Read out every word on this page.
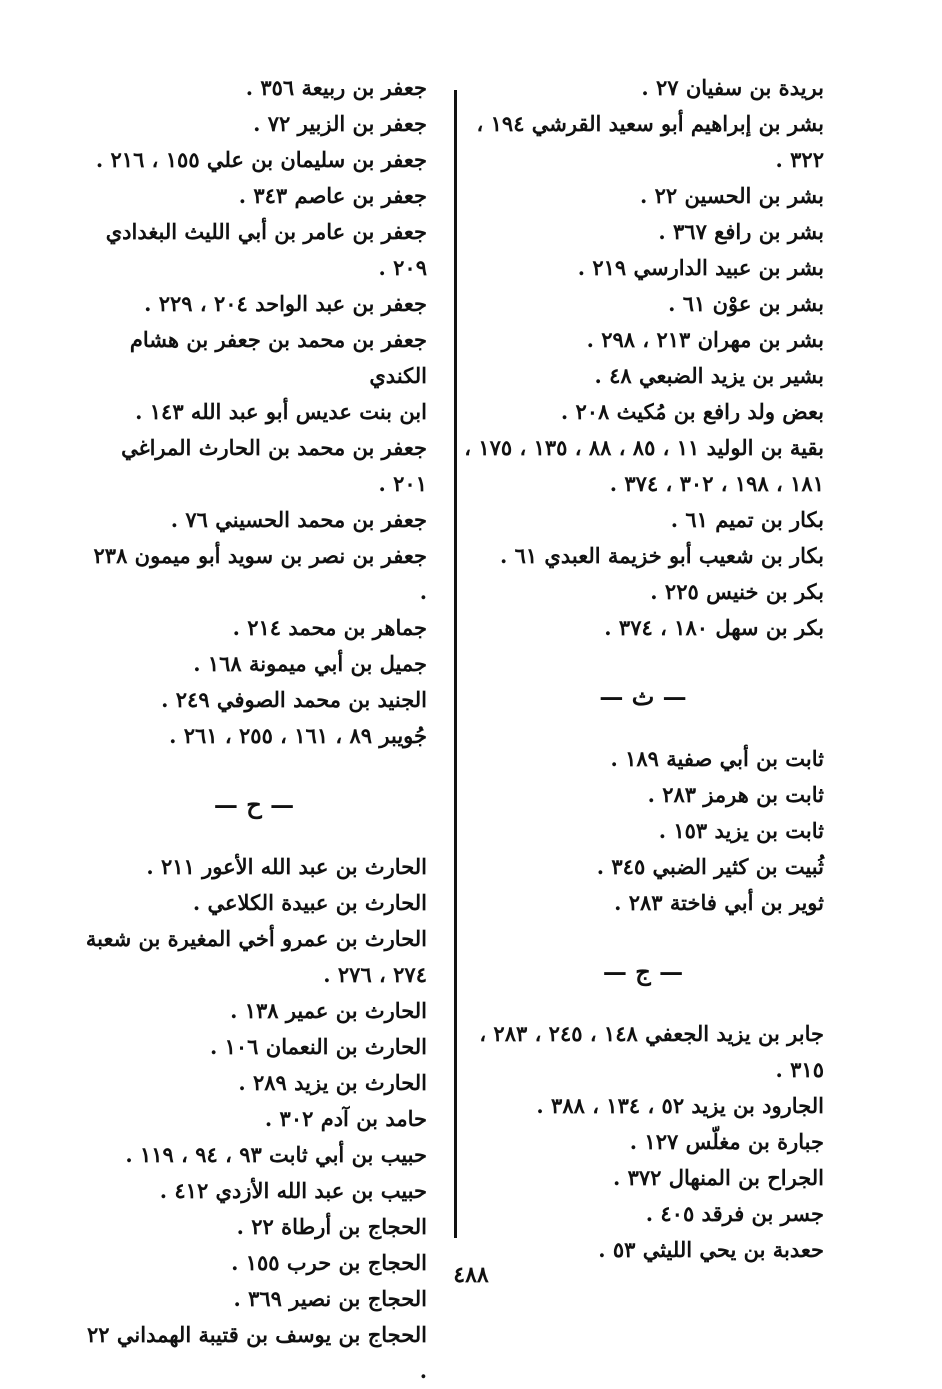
بريدة بن سفيان ٢٧ .
بشر بن إبراهيم أبو سعيد القرشي ١٩٤ ، ٣٢٢ .
بشر بن الحسين ٢٢ .
بشر بن رافع ٣٦٧ .
بشر بن عبيد الدارسي ٢١٩ .
بشر بن عوْن ٦١ .
بشر بن مهران ٢١٣ ، ٢٩٨ .
بشير بن يزيد الضبعي ٤٨ .
بعض ولد رافع بن مُكيث ٢٠٨ .
بقية بن الوليد ١١ ، ٨٥ ، ٨٨ ، ١٣٥ ، ١٧٥ ، ١٨١ ، ١٩٨ ، ٣٠٢ ، ٣٧٤ .
بكار بن تميم ٦١ .
بكار بن شعيب أبو خزيمة العبدي ٦١ .
بكر بن خنيس ٢٢٥ .
بكر بن سهل ١٨٠ ، ٣٧٤ .
— ث —
ثابت بن أبي صفية ١٨٩ .
ثابت بن هرمز ٢٨٣ .
ثابت بن يزيد ١٥٣ .
ثُبيت بن كثير الضبي ٣٤٥ .
ثوير بن أبي فاختة ٢٨٣ .
— ج —
جابر بن يزيد الجعفي ١٤٨ ، ٢٤٥ ، ٢٨٣ ، ٣١٥ .
الجارود بن يزيد ٥٢ ، ١٣٤ ، ٣٨٨ .
جبارة بن مغلّس ١٢٧ .
الجراح بن المنهال ٣٧٢ .
جسر بن فرقد ٤٠٥ .
حعدبة بن يحي الليثي ٥٣ .
جعفر بن ربيعة ٣٥٦ .
جعفر بن الزبير ٧٢ .
جعفر بن سليمان بن علي ١٥٥ ، ٢١٦ .
جعفر بن عاصم ٣٤٣ .
جعفر بن عامر بن أبي الليث البغدادي ٢٠٩ .
جعفر بن عبد الواحد ٢٠٤ ، ٢٢٩ .
جعفر بن محمد بن جعفر بن هشام الكندي
ابن بنت عديس أبو عبد الله ١٤٣ .
جعفر بن محمد بن الحارث المراغي ٢٠١ .
جعفر بن محمد الحسيني ٧٦ .
جعفر بن نصر بن سويد أبو ميمون ٢٣٨ .
جماهر بن محمد ٢١٤ .
جميل بن أبي ميمونة ١٦٨ .
الجنيد بن محمد الصوفي ٢٤٩ .
جُويبر ٨٩ ، ١٦١ ، ٢٥٥ ، ٢٦١ .
— ح —
الحارث بن عبد الله الأعور ٢١١ .
الحارث بن عبيدة الكلاعي .
الحارث بن عمرو أخي المغيرة بن شعبة ٢٧٤ ، ٢٧٦ .
الحارث بن عمير ١٣٨ .
الحارث بن النعمان ١٠٦ .
الحارث بن يزيد ٢٨٩ .
حامد بن آدم ٣٠٢ .
حبيب بن أبي ثابت ٩٣ ، ٩٤ ، ١١٩ .
حبيب بن عبد الله الأزدي ٤١٢ .
الحجاج بن أرطاة ٢٢ .
الحجاج بن حرب ١٥٥ .
الحجاج بن نصير ٣٦٩ .
الحجاج بن يوسف بن قتيبة الهمداني ٢٢ .
٤٨٨
